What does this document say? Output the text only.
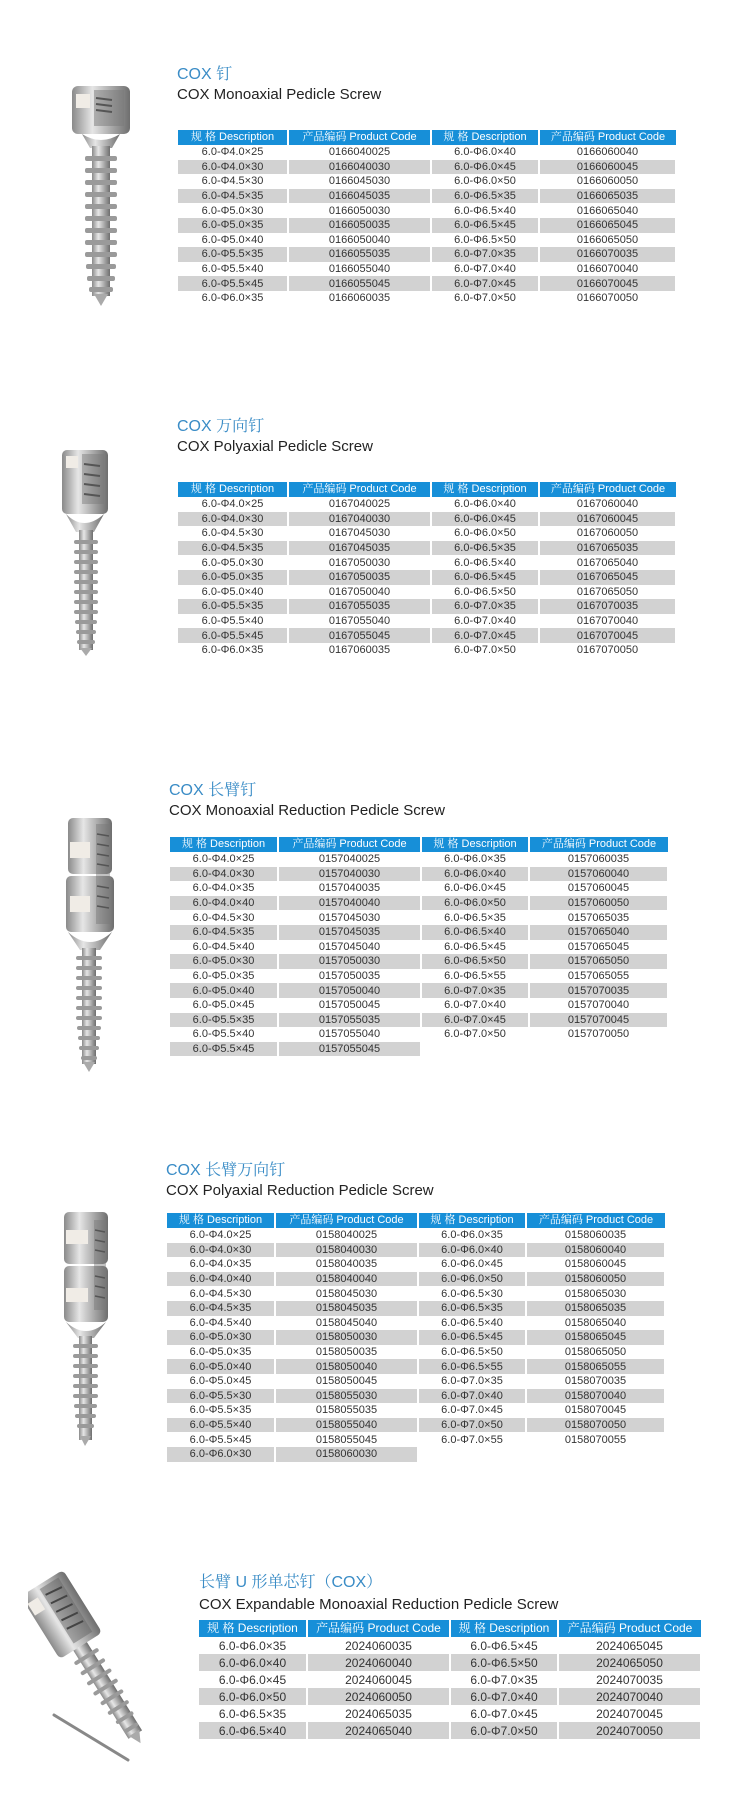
COX 钉
COX Monoaxial Pedicle Screw
规 格 Description	产品编码 Product Code	规 格 Description	产品编码 Product Code
6.0-Φ4.0×25	0166040025	6.0-Φ6.0×40	0166060040
6.0-Φ4.0×30	0166040030	6.0-Φ6.0×45	0166060045
6.0-Φ4.5×30	0166045030	6.0-Φ6.0×50	0166060050
6.0-Φ4.5×35	0166045035	6.0-Φ6.5×35	0166065035
6.0-Φ5.0×30	0166050030	6.0-Φ6.5×40	0166065040
6.0-Φ5.0×35	0166050035	6.0-Φ6.5×45	0166065045
6.0-Φ5.0×40	0166050040	6.0-Φ6.5×50	0166065050
6.0-Φ5.5×35	0166055035	6.0-Φ7.0×35	0166070035
6.0-Φ5.5×40	0166055040	6.0-Φ7.0×40	0166070040
6.0-Φ5.5×45	0166055045	6.0-Φ7.0×45	0166070045
6.0-Φ6.0×35	0166060035	6.0-Φ7.0×50	0166070050
COX 万向钉
COX Polyaxial Pedicle Screw
规 格 Description	产品编码 Product Code	规 格 Description	产品编码 Product Code
6.0-Φ4.0×25	0167040025	6.0-Φ6.0×40	0167060040
6.0-Φ4.0×30	0167040030	6.0-Φ6.0×45	0167060045
6.0-Φ4.5×30	0167045030	6.0-Φ6.0×50	0167060050
6.0-Φ4.5×35	0167045035	6.0-Φ6.5×35	0167065035
6.0-Φ5.0×30	0167050030	6.0-Φ6.5×40	0167065040
6.0-Φ5.0×35	0167050035	6.0-Φ6.5×45	0167065045
6.0-Φ5.0×40	0167050040	6.0-Φ6.5×50	0167065050
6.0-Φ5.5×35	0167055035	6.0-Φ7.0×35	0167070035
6.0-Φ5.5×40	0167055040	6.0-Φ7.0×40	0167070040
6.0-Φ5.5×45	0167055045	6.0-Φ7.0×45	0167070045
6.0-Φ6.0×35	0167060035	6.0-Φ7.0×50	0167070050
COX 长臂钉
COX Monoaxial Reduction Pedicle Screw
规 格 Description	产品编码 Product Code	规 格 Description	产品编码 Product Code
6.0-Φ4.0×25	0157040025	6.0-Φ6.0×35	0157060035
6.0-Φ4.0×30	0157040030	6.0-Φ6.0×40	0157060040
6.0-Φ4.0×35	0157040035	6.0-Φ6.0×45	0157060045
6.0-Φ4.0×40	0157040040	6.0-Φ6.0×50	0157060050
6.0-Φ4.5×30	0157045030	6.0-Φ6.5×35	0157065035
6.0-Φ4.5×35	0157045035	6.0-Φ6.5×40	0157065040
6.0-Φ4.5×40	0157045040	6.0-Φ6.5×45	0157065045
6.0-Φ5.0×30	0157050030	6.0-Φ6.5×50	0157065050
6.0-Φ5.0×35	0157050035	6.0-Φ6.5×55	0157065055
6.0-Φ5.0×40	0157050040	6.0-Φ7.0×35	0157070035
6.0-Φ5.0×45	0157050045	6.0-Φ7.0×40	0157070040
6.0-Φ5.5×35	0157055035	6.0-Φ7.0×45	0157070045
6.0-Φ5.5×40	0157055040	6.0-Φ7.0×50	0157070050
6.0-Φ5.5×45	0157055045		
COX 长臂万向钉
COX Polyaxial Reduction Pedicle Screw
规 格 Description	产品编码 Product Code	规 格 Description	产品编码 Product Code
6.0-Φ4.0×25	0158040025	6.0-Φ6.0×35	0158060035
6.0-Φ4.0×30	0158040030	6.0-Φ6.0×40	0158060040
6.0-Φ4.0×35	0158040035	6.0-Φ6.0×45	0158060045
6.0-Φ4.0×40	0158040040	6.0-Φ6.0×50	0158060050
6.0-Φ4.5×30	0158045030	6.0-Φ6.5×30	0158065030
6.0-Φ4.5×35	0158045035	6.0-Φ6.5×35	0158065035
6.0-Φ4.5×40	0158045040	6.0-Φ6.5×40	0158065040
6.0-Φ5.0×30	0158050030	6.0-Φ6.5×45	0158065045
6.0-Φ5.0×35	0158050035	6.0-Φ6.5×50	0158065050
6.0-Φ5.0×40	0158050040	6.0-Φ6.5×55	0158065055
6.0-Φ5.0×45	0158050045	6.0-Φ7.0×35	0158070035
6.0-Φ5.5×30	0158055030	6.0-Φ7.0×40	0158070040
6.0-Φ5.5×35	0158055035	6.0-Φ7.0×45	0158070045
6.0-Φ5.5×40	0158055040	6.0-Φ7.0×50	0158070050
6.0-Φ5.5×45	0158055045	6.0-Φ7.0×55	0158070055
6.0-Φ6.0×30	0158060030		
长臂 U 形单芯钉（COX）
COX Expandable Monoaxial Reduction Pedicle Screw
规 格 Description	产品编码 Product Code	规 格 Description	产品编码 Product Code
6.0-Φ6.0×35	2024060035	6.0-Φ6.5×45	2024065045
6.0-Φ6.0×40	2024060040	6.0-Φ6.5×50	2024065050
6.0-Φ6.0×45	2024060045	6.0-Φ7.0×35	2024070035
6.0-Φ6.0×50	2024060050	6.0-Φ7.0×40	2024070040
6.0-Φ6.5×35	2024065035	6.0-Φ7.0×45	2024070045
6.0-Φ6.5×40	2024065040	6.0-Φ7.0×50	2024070050
